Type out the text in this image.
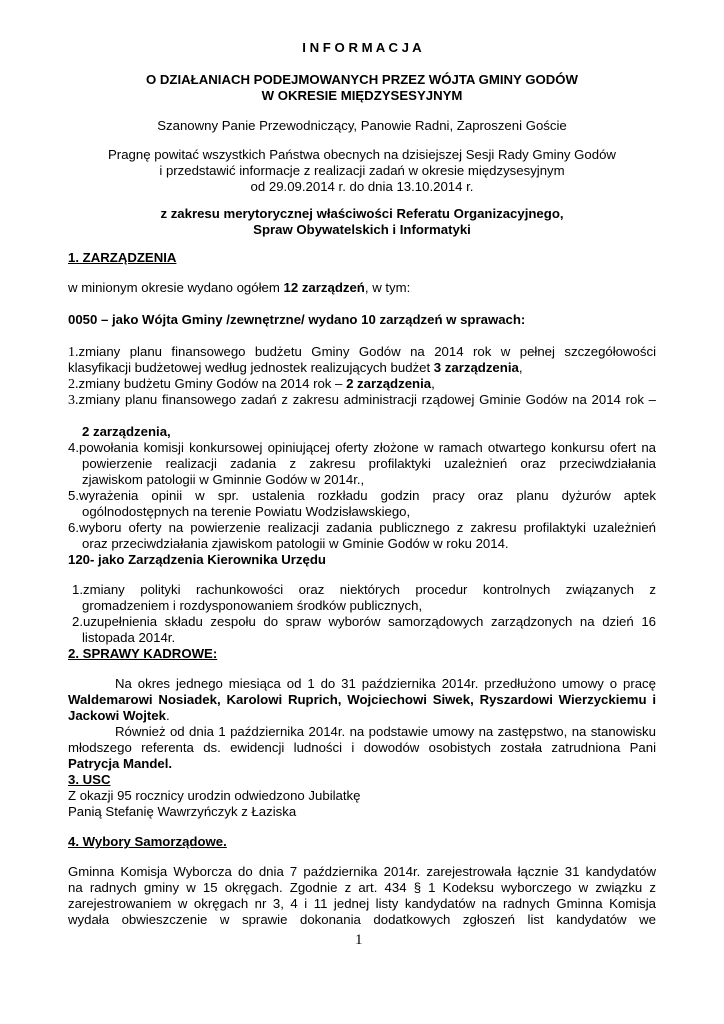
I N F O R M A C J A
O DZIAŁANIACH PODEJMOWANYCH PRZEZ WÓJTA GMINY GODÓW
W OKRESIE MIĘDZYSESYJNYM
Szanowny Panie Przewodniczący, Panowie Radni, Zaproszeni Goście
Pragnę powitać wszystkich Państwa obecnych na dzisiejszej Sesji Rady Gminy Godów
i przedstawić informacje z realizacji zadań w okresie międzysesyjnym
od 29.09.2014 r. do dnia 13.10.2014 r.
z zakresu merytorycznej właściwości Referatu Organizacyjnego,
Spraw Obywatelskich i Informatyki
1. ZARZĄDZENIA
w minionym okresie wydano ogółem 12 zarządzeń, w tym:
0050 – jako Wójta Gminy /zewnętrzne/ wydano 10 zarządzeń w sprawach:
1.zmiany planu finansowego budżetu Gminy Godów na 2014 rok w pełnej szczegółowości
klasyfikacji budżetowej według jednostek realizujących budżet 3 zarządzenia,
2.zmiany budżetu Gminy Godów na 2014 rok – 2 zarządzenia,
3.zmiany planu finansowego zadań z zakresu administracji rządowej Gminie Godów na 2014 rok –
2 zarządzenia,
4.powołania komisji konkursowej opiniującej oferty złożone w ramach otwartego konkursu ofert na
powierzenie realizacji zadania z zakresu profilaktyki uzależnień oraz przeciwdziałania
zjawiskom patologii w Gminnie Godów w 2014r.,
5.wyrażenia opinii w spr. ustalenia rozkładu godzin pracy oraz planu dyżurów aptek
ogólnodostępnych na terenie Powiatu Wodzisławskiego,
6.wyboru oferty na powierzenie realizacji zadania publicznego z zakresu profilaktyki uzależnień
oraz przeciwdziałania zjawiskom patologii w Gminie Godów w roku 2014.
120- jako Zarządzenia Kierownika Urzędu
1.zmiany polityki rachunkowości oraz niektórych procedur kontrolnych związanych z
gromadzeniem i rozdysponowaniem środków publicznych,
2.uzupełnienia składu zespołu do spraw wyborów samorządowych zarządzonych na dzień 16
listopada 2014r.
2. SPRAWY KADROWE:
Na okres jednego miesiąca od 1 do 31 października 2014r. przedłużono umowy o pracę
Waldemarowi Nosiadek, Karolowi Ruprich, Wojciechowi Siwek, Ryszardowi Wierzyckiemu i
Jackowi Wojtek.
Również od dnia 1 października 2014r. na podstawie umowy na zastępstwo, na stanowisku
młodszego referenta ds. ewidencji ludności i dowodów osobistych została zatrudniona Pani
Patrycja Mandel.
3. USC
Z okazji 95 rocznicy urodzin odwiedzono Jubilatkę
Panią Stefanię Wawrzyńczyk z Łaziska
4. Wybory Samorządowe.
Gminna Komisja Wyborcza do dnia 7 października 2014r. zarejestrowała łącznie 31 kandydatów
na radnych gminy w 15 okręgach. Zgodnie z art. 434 § 1 Kodeksu wyborczego w związku z
zarejestrowaniem w okręgach nr 3, 4 i 11 jednej listy kandydatów na radnych Gminna Komisja
wydała obwieszczenie w sprawie dokonania dodatkowych zgłoszeń list kandydatów we
1
